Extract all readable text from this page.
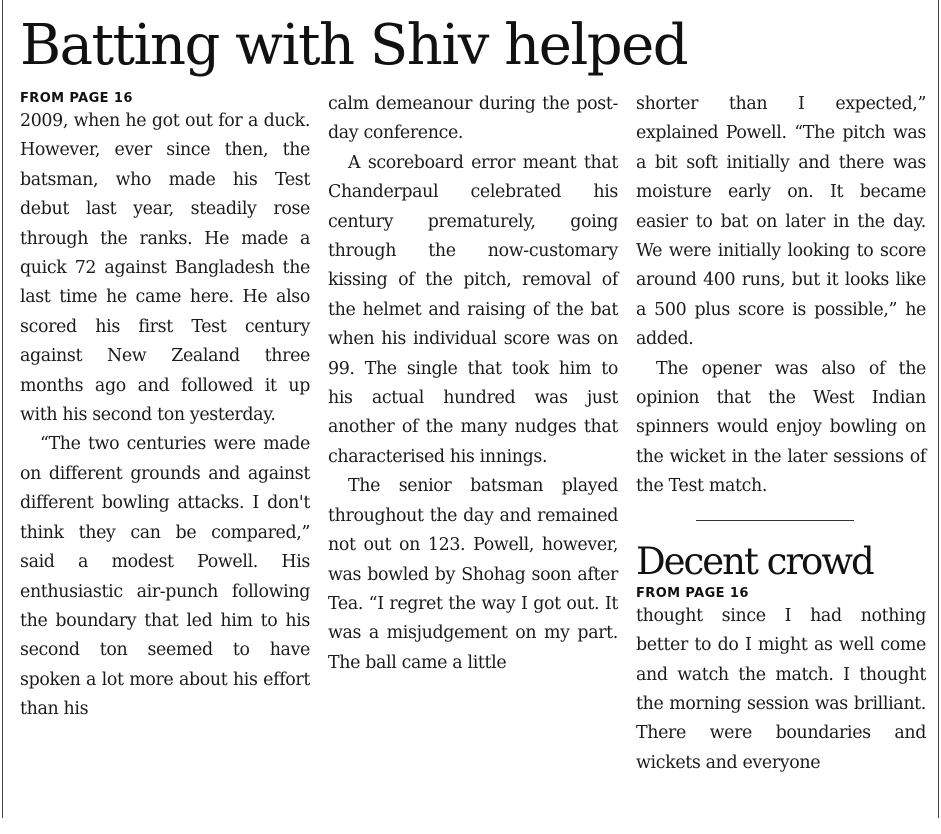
Batting with Shiv helped
FROM PAGE 16

2009, when he got out for a duck. However, ever since then, the batsman, who made his Test debut last year, steadily rose through the ranks. He made a quick 72 against Bangladesh the last time he came here. He also scored his first Test century against New Zealand three months ago and followed it up with his second ton yesterday.

“The two centuries were made on different grounds and against different bowling attacks. I don't think they can be compared,” said a modest Powell. His enthusiastic air-punch following the boundary that led him to his second ton seemed to have spoken a lot more about his effort than his

calm demeanour during the post-day conference.

A scoreboard error meant that Chanderpaul celebrated his century prematurely, going through the now-customary kissing of the pitch, removal of the helmet and raising of the bat when his individual score was on 99. The single that took him to his actual hundred was just another of the many nudges that characterised his innings.

The senior batsman played throughout the day and remained not out on 123. Powell, however, was bowled by Shohag soon after Tea. “I regret the way I got out. It was a misjudgement on my part. The ball came a little

shorter than I expected,” explained Powell. “The pitch was a bit soft initially and there was moisture early on. It became easier to bat on later in the day. We were initially looking to score around 400 runs, but it looks like a 500 plus score is possible,” he added.

The opener was also of the opinion that the West Indian spinners would enjoy bowling on the wicket in the later sessions of the Test match.

Decent crowd
FROM PAGE 16

thought since I had nothing better to do I might as well come and watch the match. I thought the morning session was brilliant. There were boundaries and wickets and everyone
